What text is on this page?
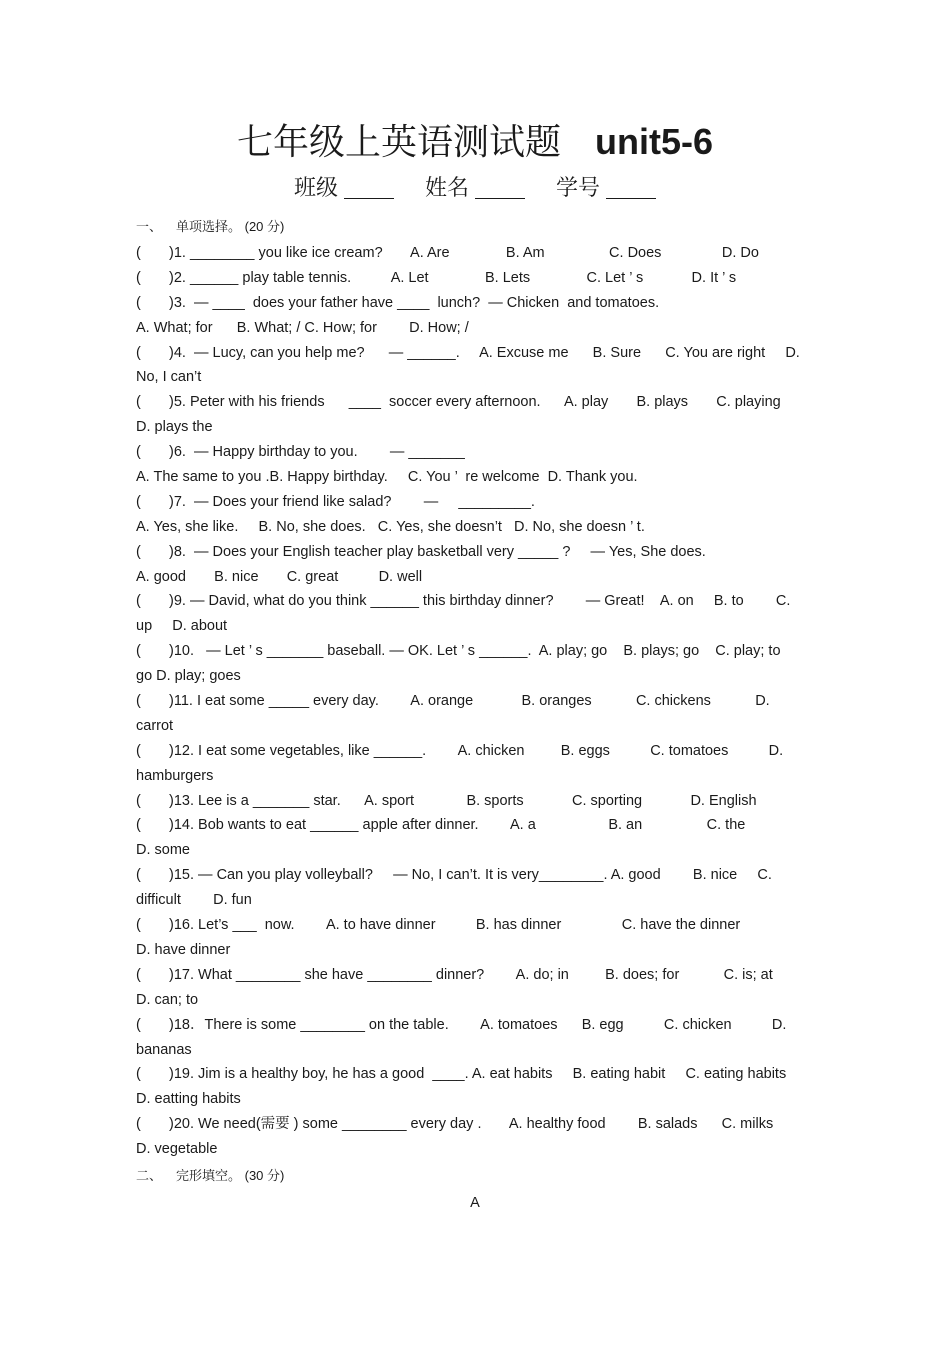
七年级上英语测试题 unit5-6
班级	姓名	学号
一、 单项选择。 (20 分)
(       )1. ________ you like ice cream?       A. Are              B. Am                C. Does               D. Do
(       )2. ______ play table tennis.          A. Let              B. Lets              C. Let ’ s            D. It ’ s
(       )3.  — ____  does your father have ____  lunch?  — Chicken  and tomatoes.
A. What; for      B. What; / C. How; for        D. How; /
(       )4.  — Lucy, can you help me?      — ______.     A. Excuse me      B. Sure      C. You are right     D.
No, I can’t
(       )5. Peter with his friends      ____  soccer every afternoon.      A. play       B. plays       C. playing
D. plays the
(       )6.  — Happy birthday to you.        — _______
A. The same to you .B. Happy birthday.     C. You ’  re welcome  D. Thank you.
(       )7.  — Does your friend like salad?        —     _________.
A. Yes, she like.     B. No, she does.   C. Yes, she doesn’t   D. No, she doesn ’ t.
(       )8.  — Does your English teacher play basketball very _____ ?     — Yes, She does.
A. good       B. nice       C. great          D. well
(       )9. — David, what do you think ______ this birthday dinner?        — Great!    A. on     B. to        C.
up     D. about
(       )10.   — Let ’ s _______ baseball. — OK. Let ’ s ______.  A. play; go    B. plays; go    C. play; to
go D. play; goes
(       )11. I eat some _____ every day.        A. orange            B. oranges           C. chickens           D.
carrot
(       )12. I eat some vegetables, like ______.        A. chicken         B. eggs          C. tomatoes          D.
hamburgers
(       )13. Lee is a _______ star.      A. sport             B. sports            C. sporting            D. English
(       )14. Bob wants to eat ______ apple after dinner.        A. a                  B. an                C. the
D. some
(       )15. — Can you play volleyball?     — No, I can’t. It is very________. A. good        B. nice     C.
difficult        D. fun
(       )16. Let’s ___  now.        A. to have dinner          B. has dinner               C. have the dinner
D. have dinner
(       )17. What ________ she have ________ dinner?        A. do; in         B. does; for           C. is; at
D. can; to
(       )18．There is some ________ on the table.        A. tomatoes      B. egg          C. chicken          D.
bananas
(       )19. Jim is a healthy boy, he has a good  ____. A. eat habits     B. eating habit     C. eating habits
D. eatting habits
(       )20. We need(需要 ) some ________ every day .       A. healthy food        B. salads      C. milks
D. vegetable
二、 完形填空。 (30 分)
A
